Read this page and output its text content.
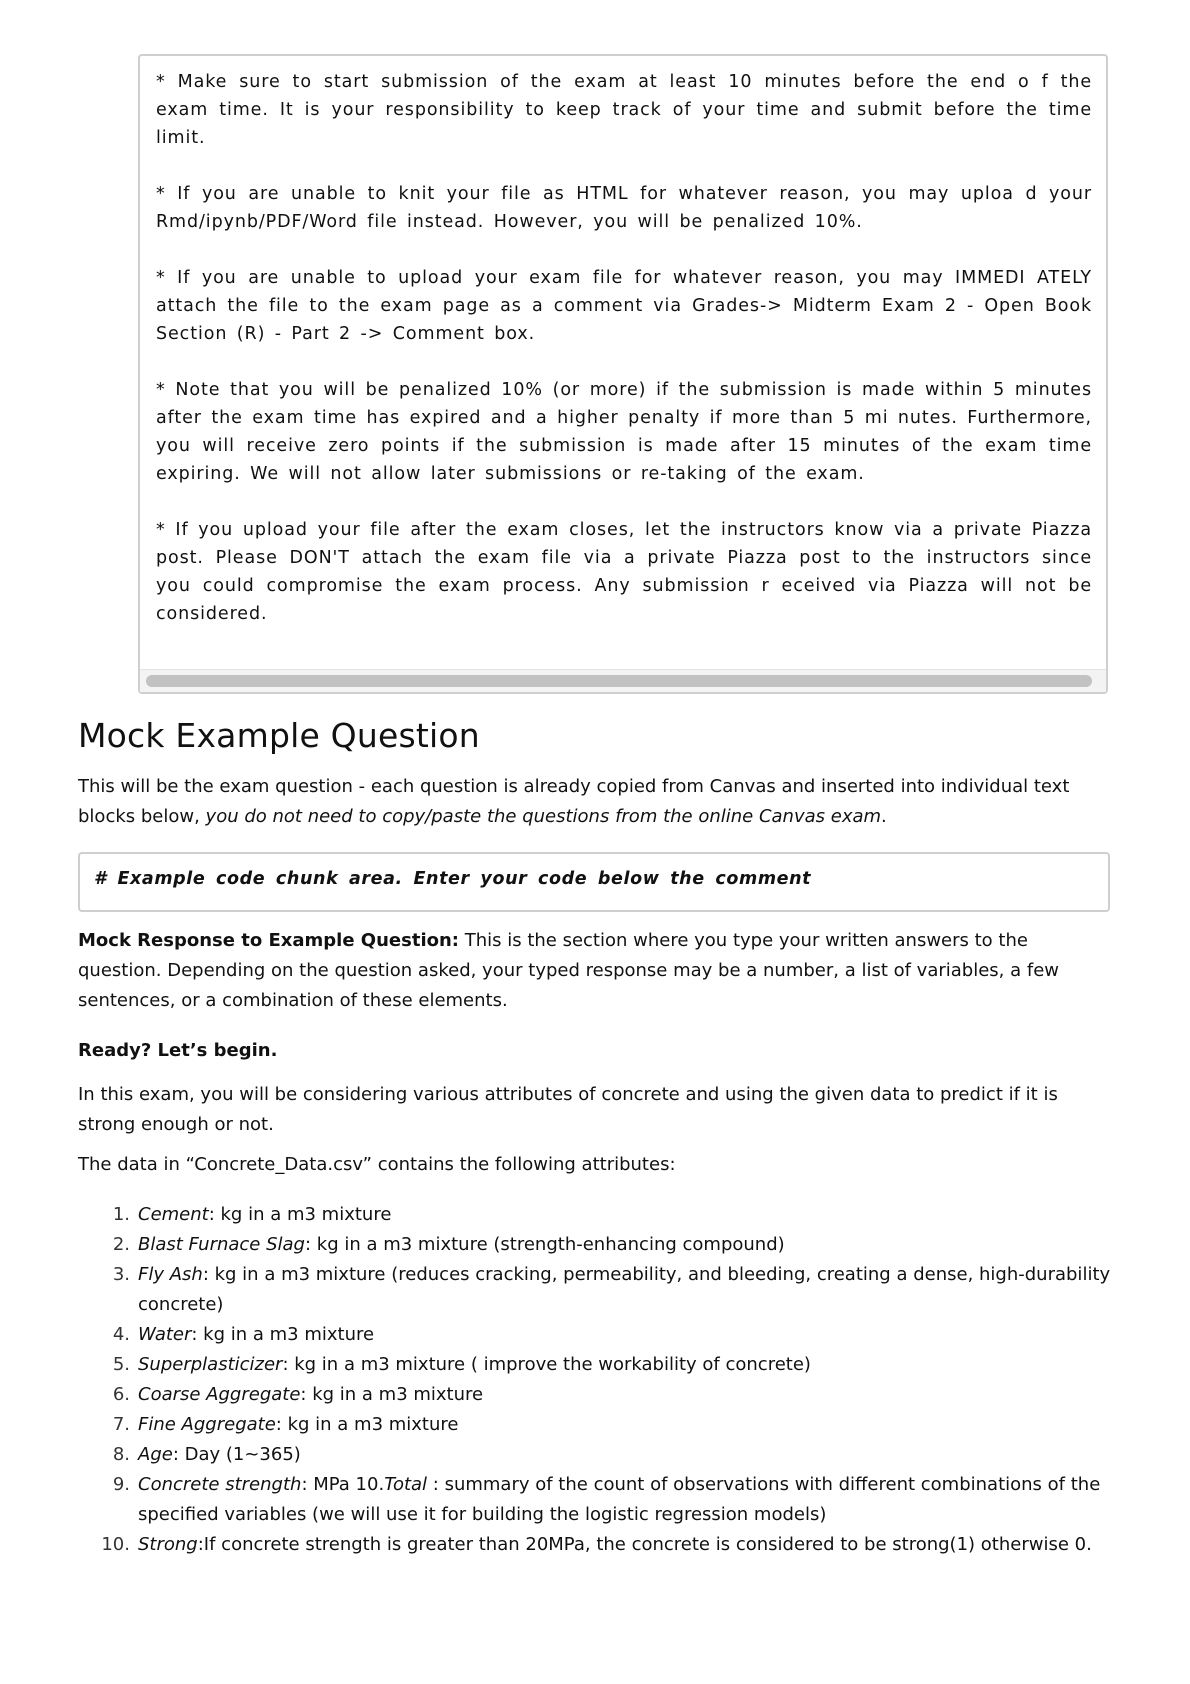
* Make sure to start submission of the exam at least 10 minutes before the end o f the exam time. It is your responsibility to keep track of your time and submit before the time limit.

* If you are unable to knit your file as HTML for whatever reason, you may uploa d your Rmd/ipynb/PDF/Word file instead. However, you will be penalized 10%.

* If you are unable to upload your exam file for whatever reason, you may IMMEDI ATELY attach the file to the exam page as a comment via Grades-> Midterm Exam 2 - Open Book Section (R) - Part 2 -> Comment box.

* Note that you will be penalized 10% (or more) if the submission is made within 5 minutes after the exam time has expired and a higher penalty if more than 5 mi nutes. Furthermore, you will receive zero points if the submission is made after 15 minutes of the exam time expiring. We will not allow later submissions or re-taking of the exam.

* If you upload your file after the exam closes, let the instructors know via a private Piazza post. Please DON'T attach the exam file via a private Piazza post to the instructors since you could compromise the exam process. Any submission r eceived via Piazza will not be considered.

Mock Example Question

This will be the exam question - each question is already copied from Canvas and inserted into individual text blocks below, you do not need to copy/paste the questions from the online Canvas exam.

# Example code chunk area. Enter your code below the comment

Mock Response to Example Question: This is the section where you type your written answers to the question. Depending on the question asked, your typed response may be a number, a list of variables, a few sentences, or a combination of these elements.

Ready? Let’s begin.

In this exam, you will be considering various attributes of concrete and using the given data to predict if it is strong enough or not.

The data in “Concrete_Data.csv” contains the following attributes:

1. Cement: kg in a m3 mixture
2. Blast Furnace Slag: kg in a m3 mixture (strength-enhancing compound)
3. Fly Ash: kg in a m3 mixture (reduces cracking, permeability, and bleeding, creating a dense, high-durability concrete)
4. Water: kg in a m3 mixture
5. Superplasticizer: kg in a m3 mixture ( improve the workability of concrete)
6. Coarse Aggregate: kg in a m3 mixture
7. Fine Aggregate: kg in a m3 mixture
8. Age: Day (1~365)
9. Concrete strength: MPa 10.Total : summary of the count of observations with different combinations of the specified variables (we will use it for building the logistic regression models)
10. Strong:If concrete strength is greater than 20MPa, the concrete is considered to be strong(1) otherwise 0.
